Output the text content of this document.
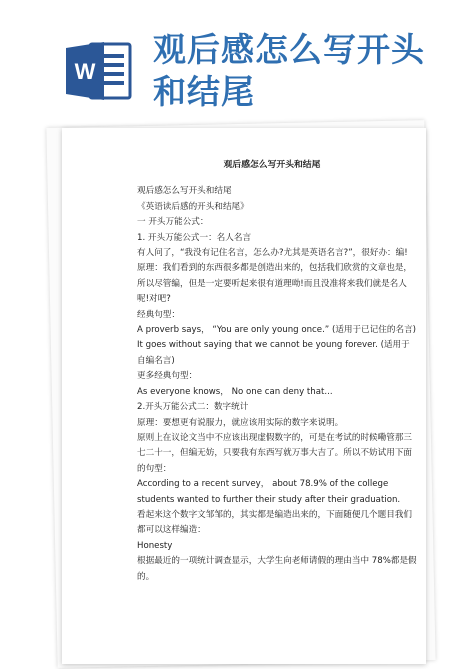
W
观后感怎么写开头
和结尾
观后感怎么写开头和结尾

观后感怎么写开头和结尾

《英语读后感的开头和结尾》

一 开头万能公式：

1. 开头万能公式一：名人名言

有人问了，“我没有记住名言，怎么办?尤其是英语名言?”，很好办：编!

原理：我们看到的东西很多都是创造出来的，包括我们欣赏的文章也是，所以尽管编，但是一定要听起来很有道理呦!而且没准将来我们就是名人呢!对吧?

经典句型：

A proverb says， “You are only young once.” (适用于已记住的名言)

It goes without saying that we cannot be young forever. (适用于自编名言)

更多经典句型：

As everyone knows， No one can deny that...

2.开头万能公式二：数字统计

原理：要想更有说服力，就应该用实际的数字来说明。

原则上在议论文当中不应该出现虚假数字的，可是在考试的时候嘞管那三七二十一，但编无妨，只要我有东西写就万事大吉了。所以不妨试用下面的句型：

According to a recent survey， about 78.9% of the college students wanted to further their study after their graduation.

看起来这个数字文邹邹的，其实都是编造出来的，下面随便几个题目我们都可以这样编造：

Honesty

根据最近的一项统计调查显示，大学生向老师请假的理由当中 78%都是假的。
